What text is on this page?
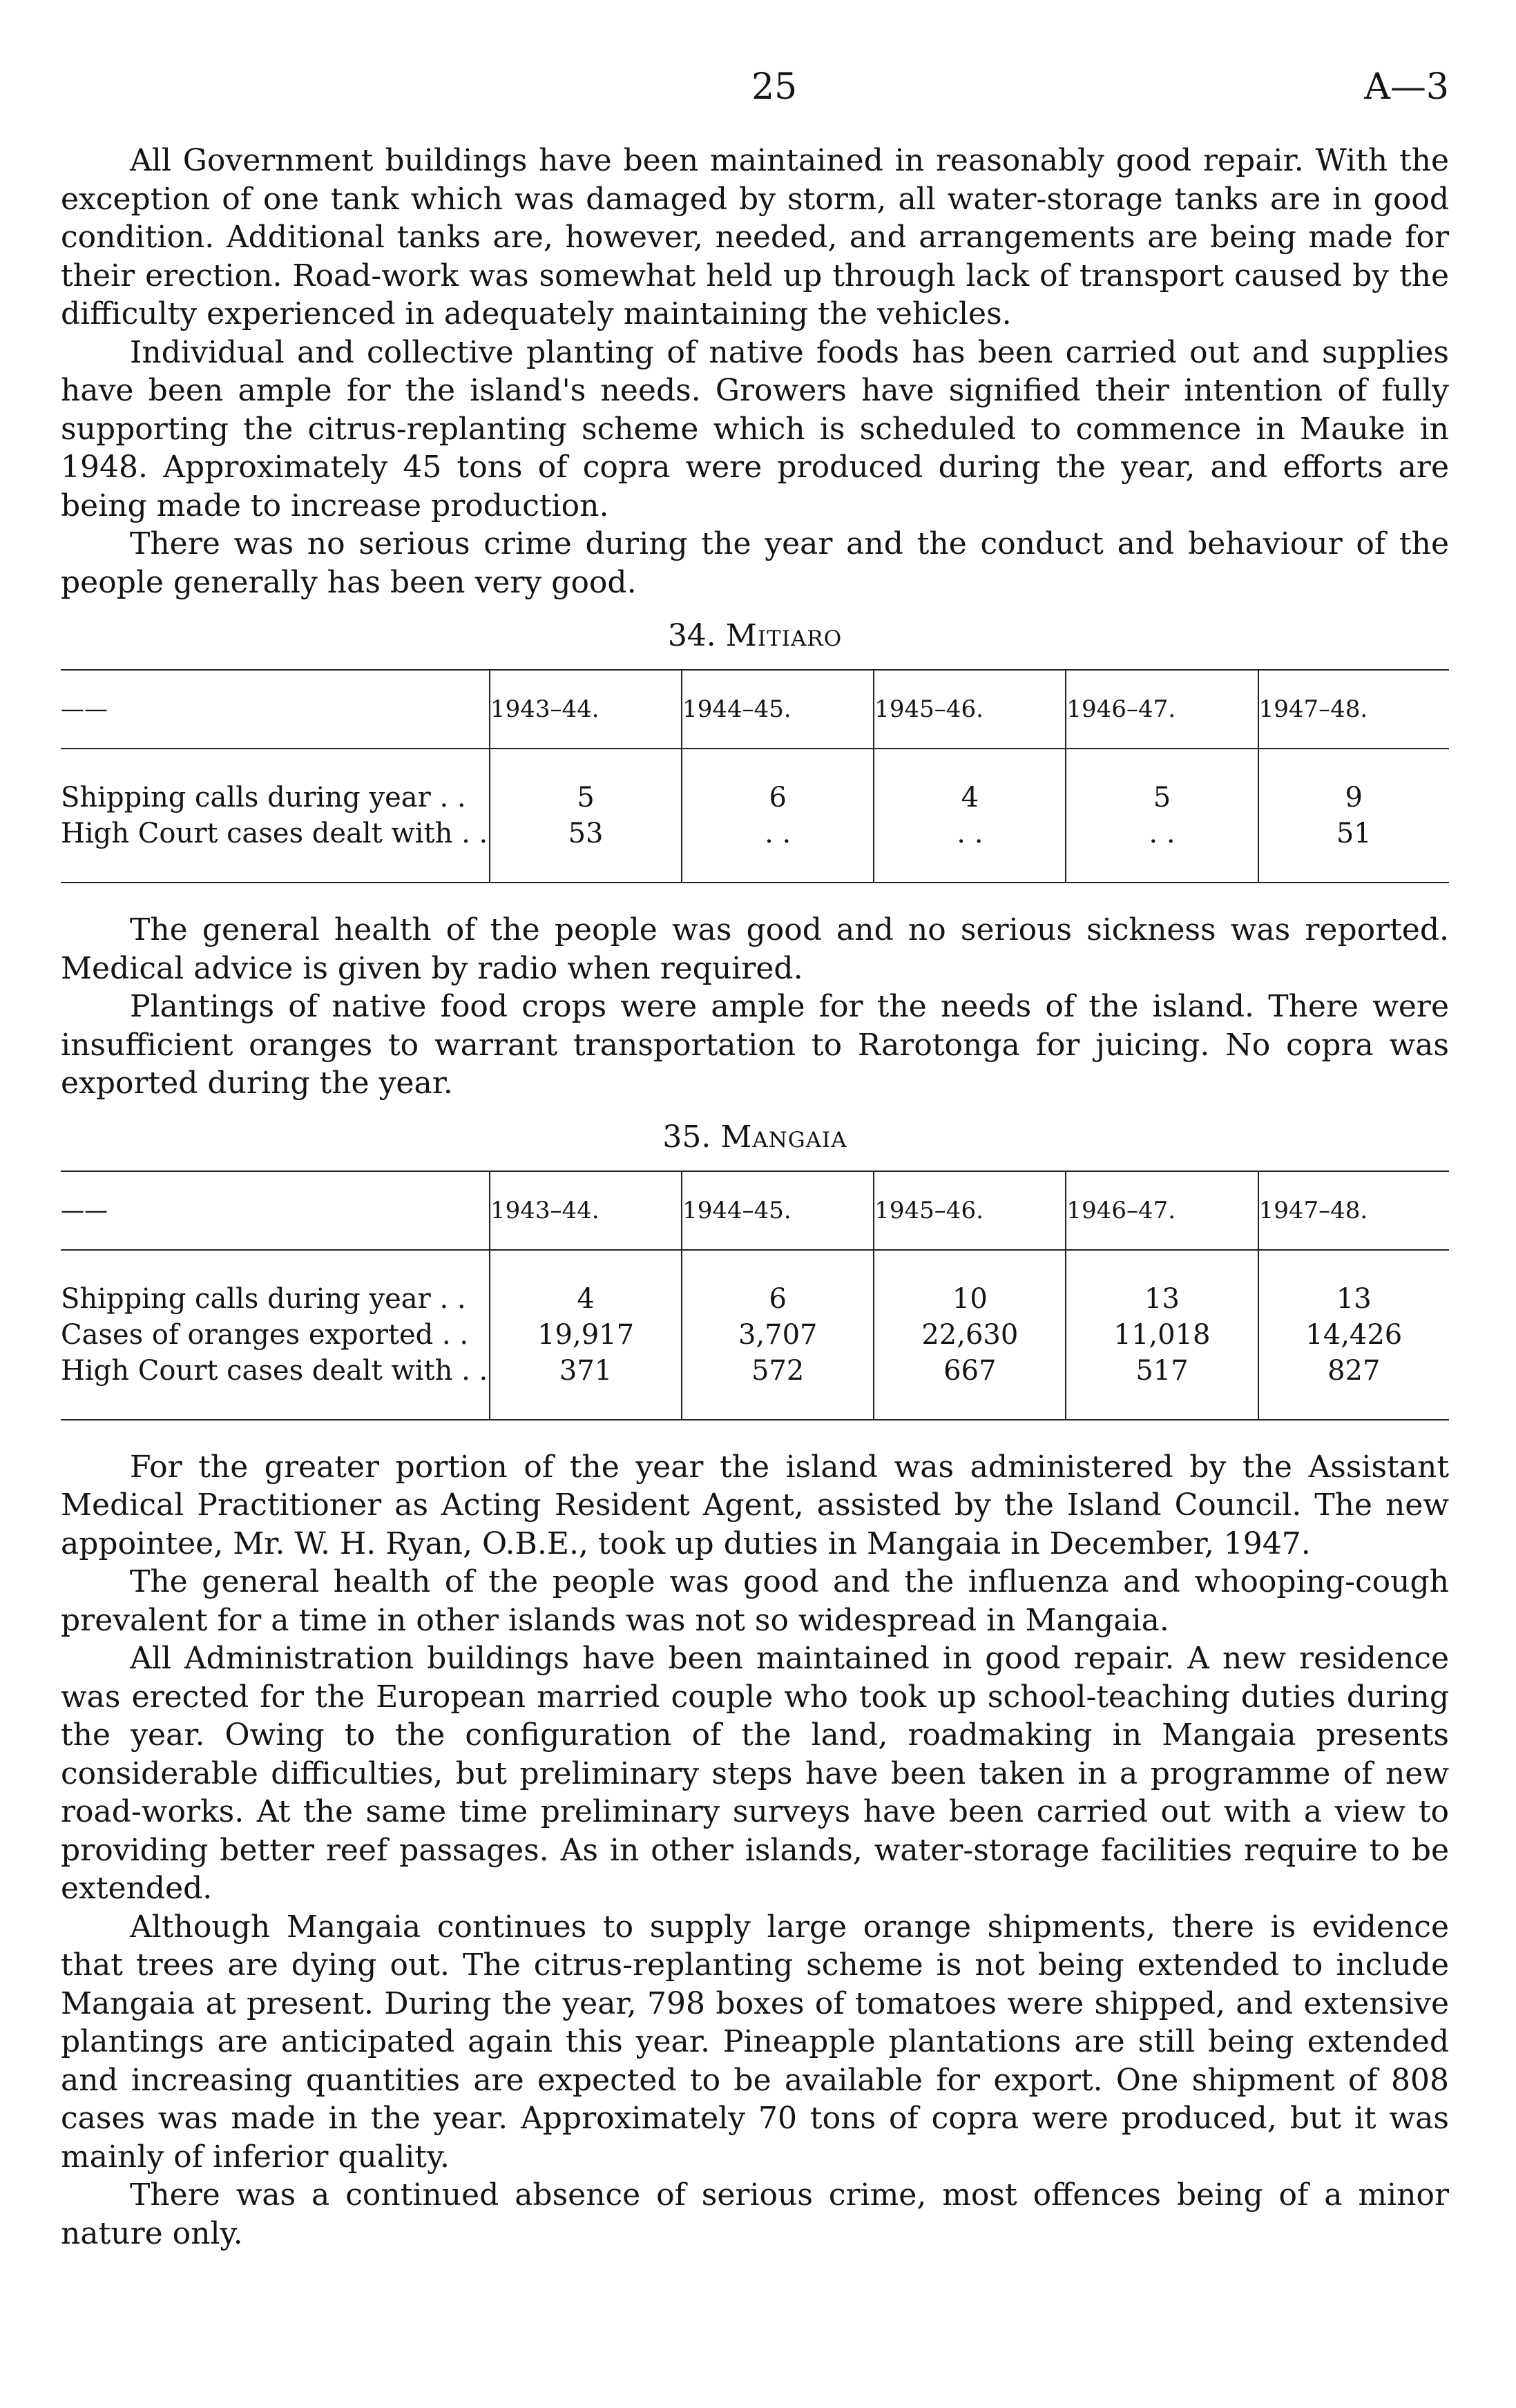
25	A—3

All Government buildings have been maintained in reasonably good repair. With the exception of one tank which was damaged by storm, all water-storage tanks are in good condition. Additional tanks are, however, needed, and arrangements are being made for their erection. Road-work was somewhat held up through lack of transport caused by the difficulty experienced in adequately maintaining the vehicles.

Individual and collective planting of native foods has been carried out and supplies have been ample for the island's needs. Growers have signified their intention of fully supporting the citrus-replanting scheme which is scheduled to commence in Mauke in 1948. Approximately 45 tons of copra were produced during the year, and efforts are being made to increase production.

There was no serious crime during the year and the conduct and behaviour of the people generally has been very good.

34. Mitiaro
——	1943–44.	1944–45.	1945–46.	1946–47.	1947–48.
Shipping calls during year . .	5	6	4	5	9
High Court cases dealt with . .	53	. .	. .	. .	51

The general health of the people was good and no serious sickness was reported. Medical advice is given by radio when required.

Plantings of native food crops were ample for the needs of the island. There were insufficient oranges to warrant transportation to Rarotonga for juicing. No copra was exported during the year.

35. Mangaia
——	1943–44.	1944–45.	1945–46.	1946–47.	1947–48.
Shipping calls during year . .	4	6	10	13	13
Cases of oranges exported . .	19,917	3,707	22,630	11,018	14,426
High Court cases dealt with . .	371	572	667	517	827

For the greater portion of the year the island was administered by the Assistant Medical Practitioner as Acting Resident Agent, assisted by the Island Council. The new appointee, Mr. W. H. Ryan, O.B.E., took up duties in Mangaia in December, 1947.

The general health of the people was good and the influenza and whooping-cough prevalent for a time in other islands was not so widespread in Mangaia.

All Administration buildings have been maintained in good repair. A new residence was erected for the European married couple who took up school-teaching duties during the year. Owing to the configuration of the land, roadmaking in Mangaia presents considerable difficulties, but preliminary steps have been taken in a programme of new road-works. At the same time preliminary surveys have been carried out with a view to providing better reef passages. As in other islands, water-storage facilities require to be extended.

Although Mangaia continues to supply large orange shipments, there is evidence that trees are dying out. The citrus-replanting scheme is not being extended to include Mangaia at present. During the year, 798 boxes of tomatoes were shipped, and extensive plantings are anticipated again this year. Pineapple plantations are still being extended and increasing quantities are expected to be available for export. One shipment of 808 cases was made in the year. Approximately 70 tons of copra were produced, but it was mainly of inferior quality.

There was a continued absence of serious crime, most offences being of a minor nature only.
